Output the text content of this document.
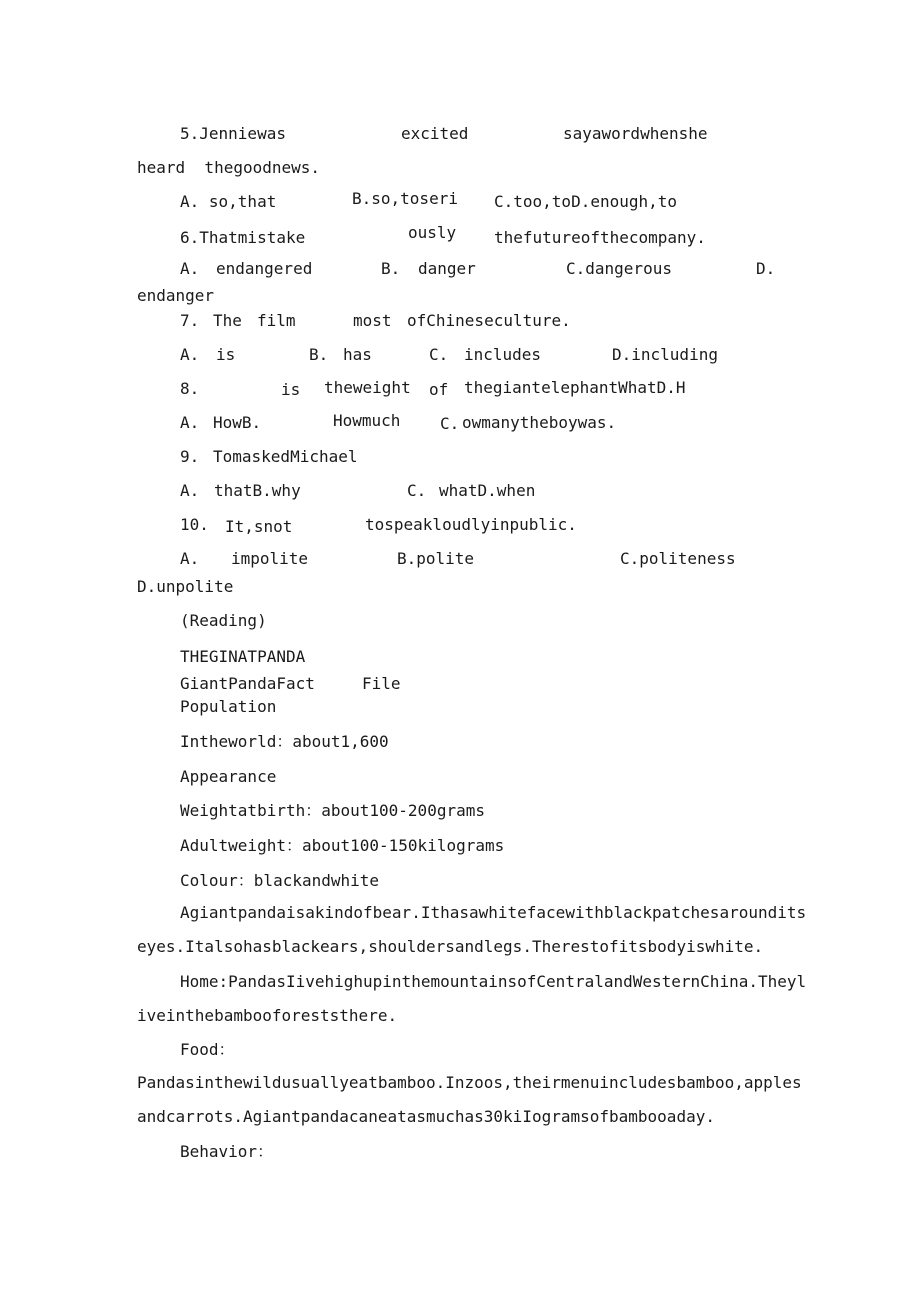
5.Jenniewas	excited	sayawordwhenshe
heard  thegoodnews.
A. so,that	B.so,toseri C.too,toD.enough,to
6.Thatmistake	ously thefutureofthecompany.
A. endangered	B. danger	C.dangerous	D.
endanger
7. The film	most ofChineseculture.
A. is	B. has	C. includes	D.including
8.	is theweight of thegiantelephantWhatD.H
A. HowB.	Howmuch C. owmanytheboywas.
9. TomaskedMichael
A. thatB.why	C. whatD.when
10. It,snot	tospeakloudlyinpublic.
A. impolite	B.polite	C.politeness
D.unpolite
(Reading)
THEGINATPANDA
GiantPandaFact	File
Population
Intheworld：about1,600
Appearance
Weightatbirth：about100-200grams
Adultweight：about100-150kilograms
Colour：blackandwhite
Agiantpandaisakindofbear.Ithasawhitefacewithblackpatchesaroundits
eyes.Italsohasblackears,shouldersandlegs.Therestofitsbodyiswhite.
Home:PandasIivehighupinthemountainsofCentralandWesternChina.Theyl
iveinthebambooforeststhere.
Food：
Pandasinthewildusuallyeatbamboo.Inzoos,theirmenuincludesbamboo,apples
andcarrots.Agiantpandacaneatasmuchas30kiIogramsofbambooaday.
Behavior：
